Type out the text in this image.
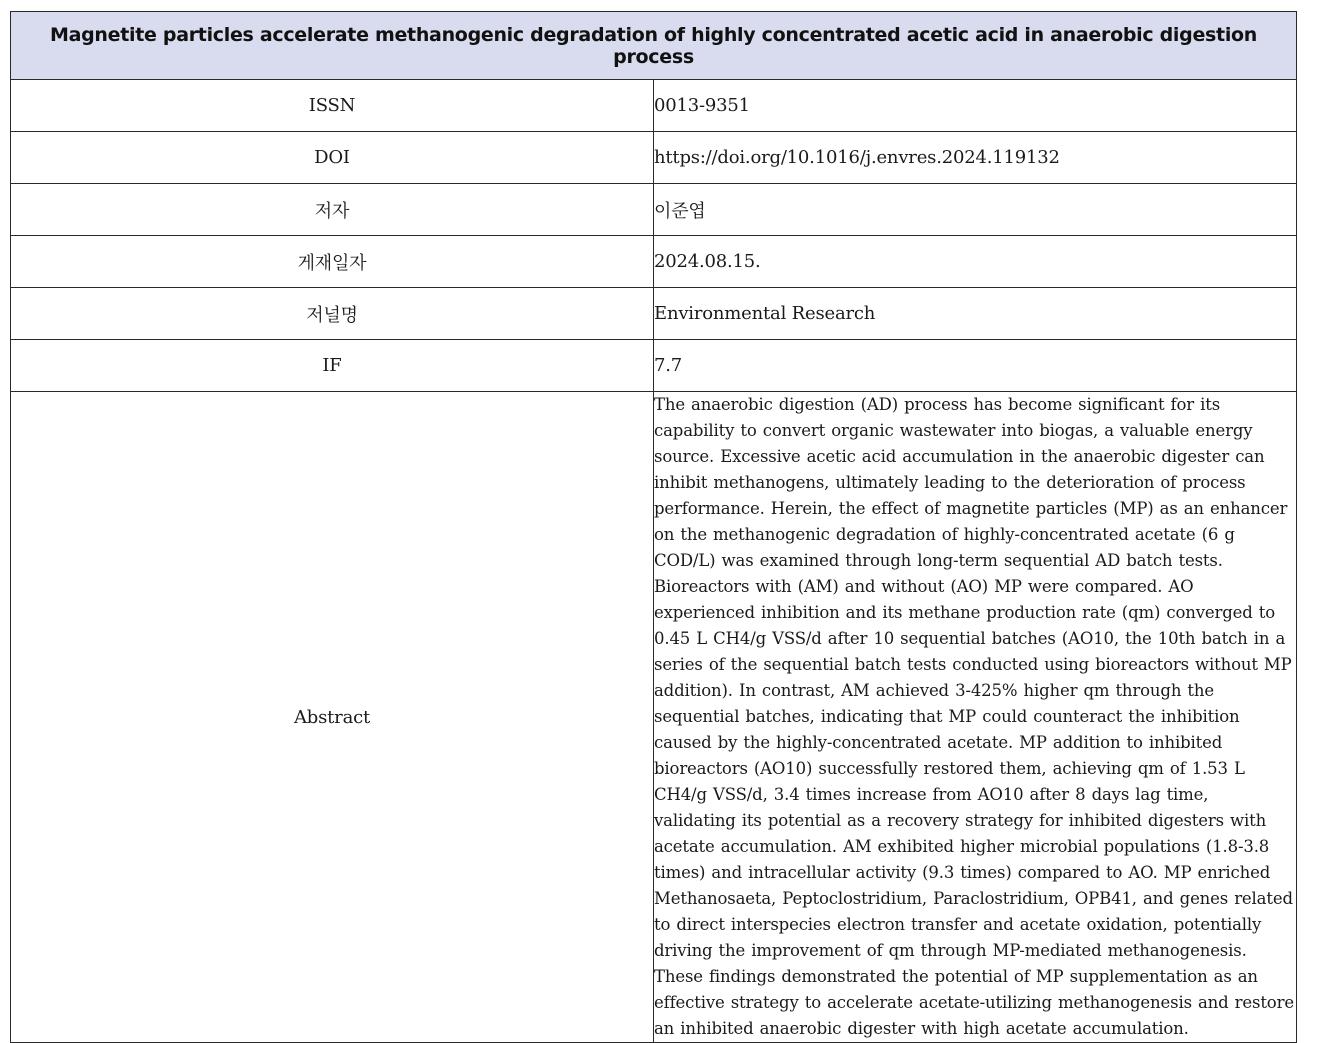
Magnetite particles accelerate methanogenic degradation of highly concentrated acetic acid in anaerobic digestion process	
ISSN	0013-9351
DOI	https://doi.org/10.1016/j.envres.2024.119132
저자	이준엽
게재일자	2024.08.15.
저널명	Environmental Research
IF	7.7
Abstract	The anaerobic digestion (AD) process has become significant for its capability to convert organic wastewater into biogas, a valuable energy source. Excessive acetic acid accumulation in the anaerobic digester can inhibit methanogens, ultimately leading to the deterioration of process performance. Herein, the effect of magnetite particles (MP) as an enhancer on the methanogenic degradation of highly-concentrated acetate (6 g COD/L) was examined through long-term sequential AD batch tests. Bioreactors with (AM) and without (AO) MP were compared. AO experienced inhibition and its methane production rate (qm) converged to 0.45 L CH4/g VSS/d after 10 sequential batches (AO10, the 10th batch in a series of the sequential batch tests conducted using bioreactors without MP addition). In contrast, AM achieved 3-425% higher qm through the sequential batches, indicating that MP could counteract the inhibition caused by the highly-concentrated acetate. MP addition to inhibited bioreactors (AO10) successfully restored them, achieving qm of 1.53 L CH4/g VSS/d, 3.4 times increase from AO10 after 8 days lag time, validating its potential as a recovery strategy for inhibited digesters with acetate accumulation. AM exhibited higher microbial populations (1.8-3.8 times) and intracellular activity (9.3 times) compared to AO. MP enriched Methanosaeta, Peptoclostridium, Paraclostridium, OPB41, and genes related to direct interspecies electron transfer and acetate oxidation, potentially driving the improvement of qm through MP-mediated methanogenesis. These findings demonstrated the potential of MP supplementation as an effective strategy to accelerate acetate-utilizing methanogenesis and restore an inhibited anaerobic digester with high acetate accumulation.
